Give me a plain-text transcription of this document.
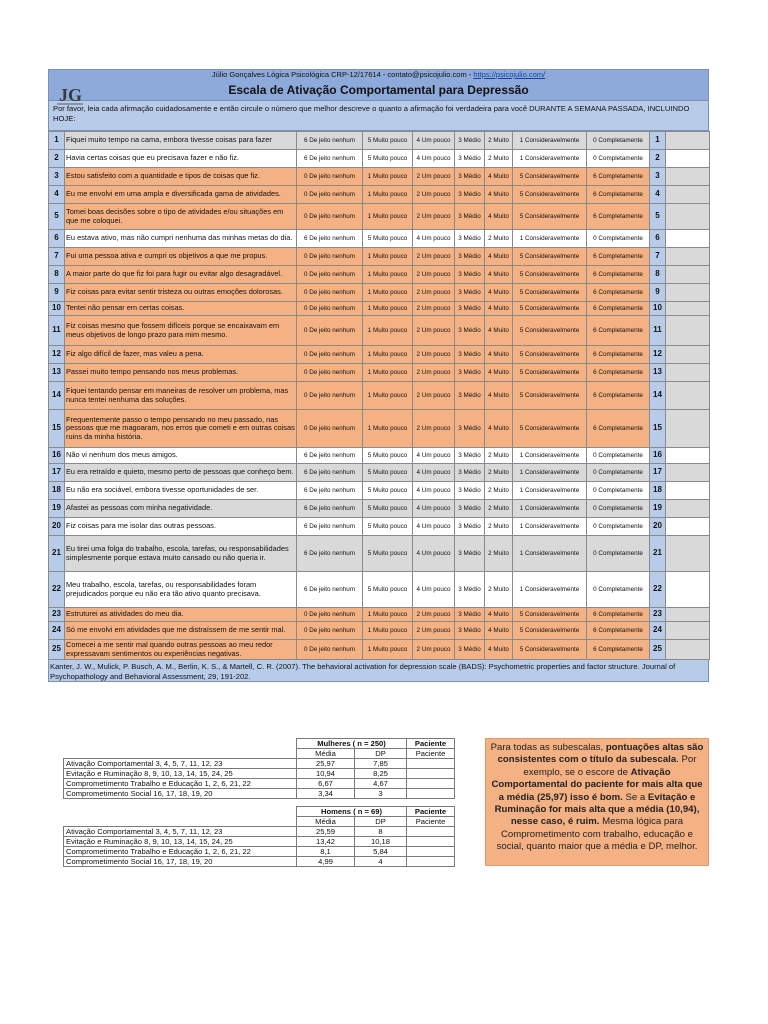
Júlio Gonçalves Lógica Psicológica CRP-12/17614 - contato@psicojulio.com - https://psicojulio.com/
JG	Escala de Ativação Comportamental para Depressão
Por favor, leia cada afirmação cuidadosamente e então circule o número que melhor descreve o quanto a afirmação foi verdadeira para você DURANTE A SEMANA PASSADA, INCLUINDO HOJE:
1	Fiquei muito tempo na cama, embora tivesse coisas para fazer	6 De jeito nenhum	5 Muito pouco	4 Um pouco	3 Médio	2 Muito	1 Consideravelmente	0 Completamente	1	
2	Havia certas coisas que eu precisava fazer e não fiz.	6 De jeito nenhum	5 Muito pouco	4 Um pouco	3 Médio	2 Muito	1 Consideravelmente	0 Completamente	2	
3	Estou satisfeito com a quantidade e tipos de coisas que fiz.	0 De jeito nenhum	1 Muito pouco	2 Um pouco	3 Médio	4 Muito	5 Consideravelmente	6 Completamente	3	
4	Eu me envolvi em uma ampla e diversificada gama de atividades.	0 De jeito nenhum	1 Muito pouco	2 Um pouco	3 Médio	4 Muito	5 Consideravelmente	6 Completamente	4	
5	Tomei boas decisões sobre o tipo de atividades e/ou situações em que me coloquei.	0 De jeito nenhum	1 Muito pouco	2 Um pouco	3 Médio	4 Muito	5 Consideravelmente	6 Completamente	5	
6	Eu estava ativo, mas não cumpri nenhuma das minhas metas do dia.	6 De jeito nenhum	5 Muito pouco	4 Um pouco	3 Médio	2 Muito	1 Consideravelmente	0 Completamente	6	
7	Fui uma pessoa ativa e cumpri os objetivos a que me propus.	0 De jeito nenhum	1 Muito pouco	2 Um pouco	3 Médio	4 Muito	5 Consideravelmente	6 Completamente	7	
8	A maior parte do que fiz foi para fugir ou evitar algo desagradável.	0 De jeito nenhum	1 Muito pouco	2 Um pouco	3 Médio	4 Muito	5 Consideravelmente	6 Completamente	8	
9	Fiz coisas para evitar sentir tristeza ou outras emoções dolorosas.	0 De jeito nenhum	1 Muito pouco	2 Um pouco	3 Médio	4 Muito	5 Consideravelmente	6 Completamente	9	
10	Tentei não pensar em certas coisas.	0 De jeito nenhum	1 Muito pouco	2 Um pouco	3 Médio	4 Muito	5 Consideravelmente	6 Completamente	10	
11	Fiz coisas mesmo que fossem difíceis porque se encaixavam em meus objetivos de longo prazo para mim mesmo.	0 De jeito nenhum	1 Muito pouco	2 Um pouco	3 Médio	4 Muito	5 Consideravelmente	6 Completamente	11	
12	Fiz algo difícil de fazer, mas valeu a pena.	0 De jeito nenhum	1 Muito pouco	2 Um pouco	3 Médio	4 Muito	5 Consideravelmente	6 Completamente	12	
13	Passei muito tempo pensando nos meus problemas.	0 De jeito nenhum	1 Muito pouco	2 Um pouco	3 Médio	4 Muito	5 Consideravelmente	6 Completamente	13	
14	Fiquei tentando pensar em maneiras de resolver um problema, mas nunca tentei nenhuma das soluções.	0 De jeito nenhum	1 Muito pouco	2 Um pouco	3 Médio	4 Muito	5 Consideravelmente	6 Completamente	14	
15	Frequentemente passo o tempo pensando no meu passado, nas pessoas que me magoaram, nos erros que cometi e em outras coisas ruins da minha história.	0 De jeito nenhum	1 Muito pouco	2 Um pouco	3 Médio	4 Muito	5 Consideravelmente	6 Completamente	15	
16	Não vi nenhum dos meus amigos.	6 De jeito nenhum	5 Muito pouco	4 Um pouco	3 Médio	2 Muito	1 Consideravelmente	0 Completamente	16	
17	Eu era retraído e quieto, mesmo perto de pessoas que conheço bem.	6 De jeito nenhum	5 Muito pouco	4 Um pouco	3 Médio	2 Muito	1 Consideravelmente	0 Completamente	17	
18	Eu não era sociável, embora tivesse oportunidades de ser.	6 De jeito nenhum	5 Muito pouco	4 Um pouco	3 Médio	2 Muito	1 Consideravelmente	0 Completamente	18	
19	Afastei as pessoas com minha negatividade.	6 De jeito nenhum	5 Muito pouco	4 Um pouco	3 Médio	2 Muito	1 Consideravelmente	0 Completamente	19	
20	Fiz coisas para me isolar das outras pessoas.	6 De jeito nenhum	5 Muito pouco	4 Um pouco	3 Médio	2 Muito	1 Consideravelmente	0 Completamente	20	
21	Eu tirei uma folga do trabalho, escola, tarefas, ou responsabilidades simplesmente porque estava muito cansado ou não queria ir.	6 De jeito nenhum	5 Muito pouco	4 Um pouco	3 Médio	2 Muito	1 Consideravelmente	0 Completamente	21	
22	Meu trabalho, escola, tarefas, ou responsabilidades foram prejudicados porque eu não era tão ativo quanto precisava.	6 De jeito nenhum	5 Muito pouco	4 Um pouco	3 Médio	2 Muito	1 Consideravelmente	0 Completamente	22	
23	Estruturei as atividades do meu dia.	0 De jeito nenhum	1 Muito pouco	2 Um pouco	3 Médio	4 Muito	5 Consideravelmente	6 Completamente	23	
24	Só me envolvi em atividades que me distraíssem de me sentir mal.	0 De jeito nenhum	1 Muito pouco	2 Um pouco	3 Médio	4 Muito	5 Consideravelmente	6 Completamente	24	
25	Comecei a me sentir mal quando outras pessoas ao meu redor expressavam sentimentos ou experiências negativas.	0 De jeito nenhum	1 Muito pouco	2 Um pouco	3 Médio	4 Muito	5 Consideravelmente	6 Completamente	25	
Kanter, J. W., Mulick, P. Busch, A. M., Berlin, K. S., & Martell, C. R. (2007). The behavioral activation for depression scale (BADS): Psychometric properties and factor structure. Journal of Psychopathology and Behavioral Assessment, 29, 191-202.
	Mulheres ( n = 250)		Paciente
	Média	DP	Paciente
Ativação Comportamental 3, 4, 5, 7, 11, 12, 23	25,97	7,85	
Evitação e Ruminação 8, 9, 10, 13, 14, 15, 24, 25	10,94	8,25	
Comprometimento Trabalho e Educação 1, 2, 6, 21, 22	6,67	4,67	
Comprometimento Social 16, 17, 18, 19, 20	3,34	3	
	Homens ( n = 69)		Paciente
	Média	DP	Paciente
Ativação Comportamental 3, 4, 5, 7, 11, 12, 23	25,59	8	
Evitação e Ruminação 8, 9, 10, 13, 14, 15, 24, 25	13,42	10,18	
Comprometimento Trabalho e Educação 1, 2, 6, 21, 22	8,1	5,84	
Comprometimento Social 16, 17, 18, 19, 20	4,99	4	
Para todas as subescalas, pontuações altas são consistentes com o título da subescala. Por exemplo, se o escore de Ativação Comportamental do paciente for mais alta que a média (25,97) isso é bom. Se a Evitação e Ruminação for mais alta que a média (10,94), nesse caso, é ruim. Mesma lógica para Comprometimento com trabalho, educação e social, quanto maior que a média e DP, melhor.
